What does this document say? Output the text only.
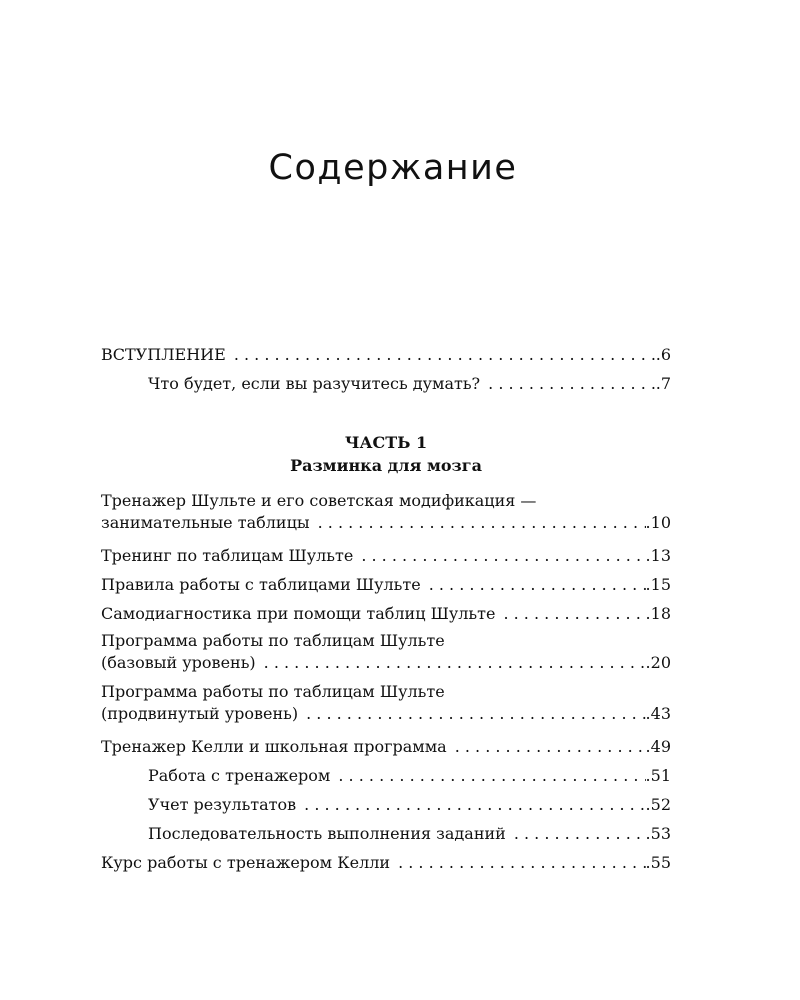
Содержание
ВСТУПЛЕНИЕ . . .	.6
Что будет, если вы разучитесь думать? . . .	.7
ЧАСТЬ 1
Разминка для мозга
Тренажер Шульте и его советская модификация —
занимательные таблицы . . .	.10
Тренинг по таблицам Шульте . . .	.13
Правила работы с таблицами Шульте . . .	.15
Самодиагностика при помощи таблиц Шульте . . .	.18
Программа работы по таблицам Шульте
(базовый уровень) . . .	.20
Программа работы по таблицам Шульте
(продвинутый уровень) . . .	.43
Тренажер Келли и школьная программа . . .	.49
Работа с тренажером . . .	.51
Учет результатов . . .	.52
Последовательность выполнения заданий . . .	.53
Курс работы с тренажером Келли . . .	.55
